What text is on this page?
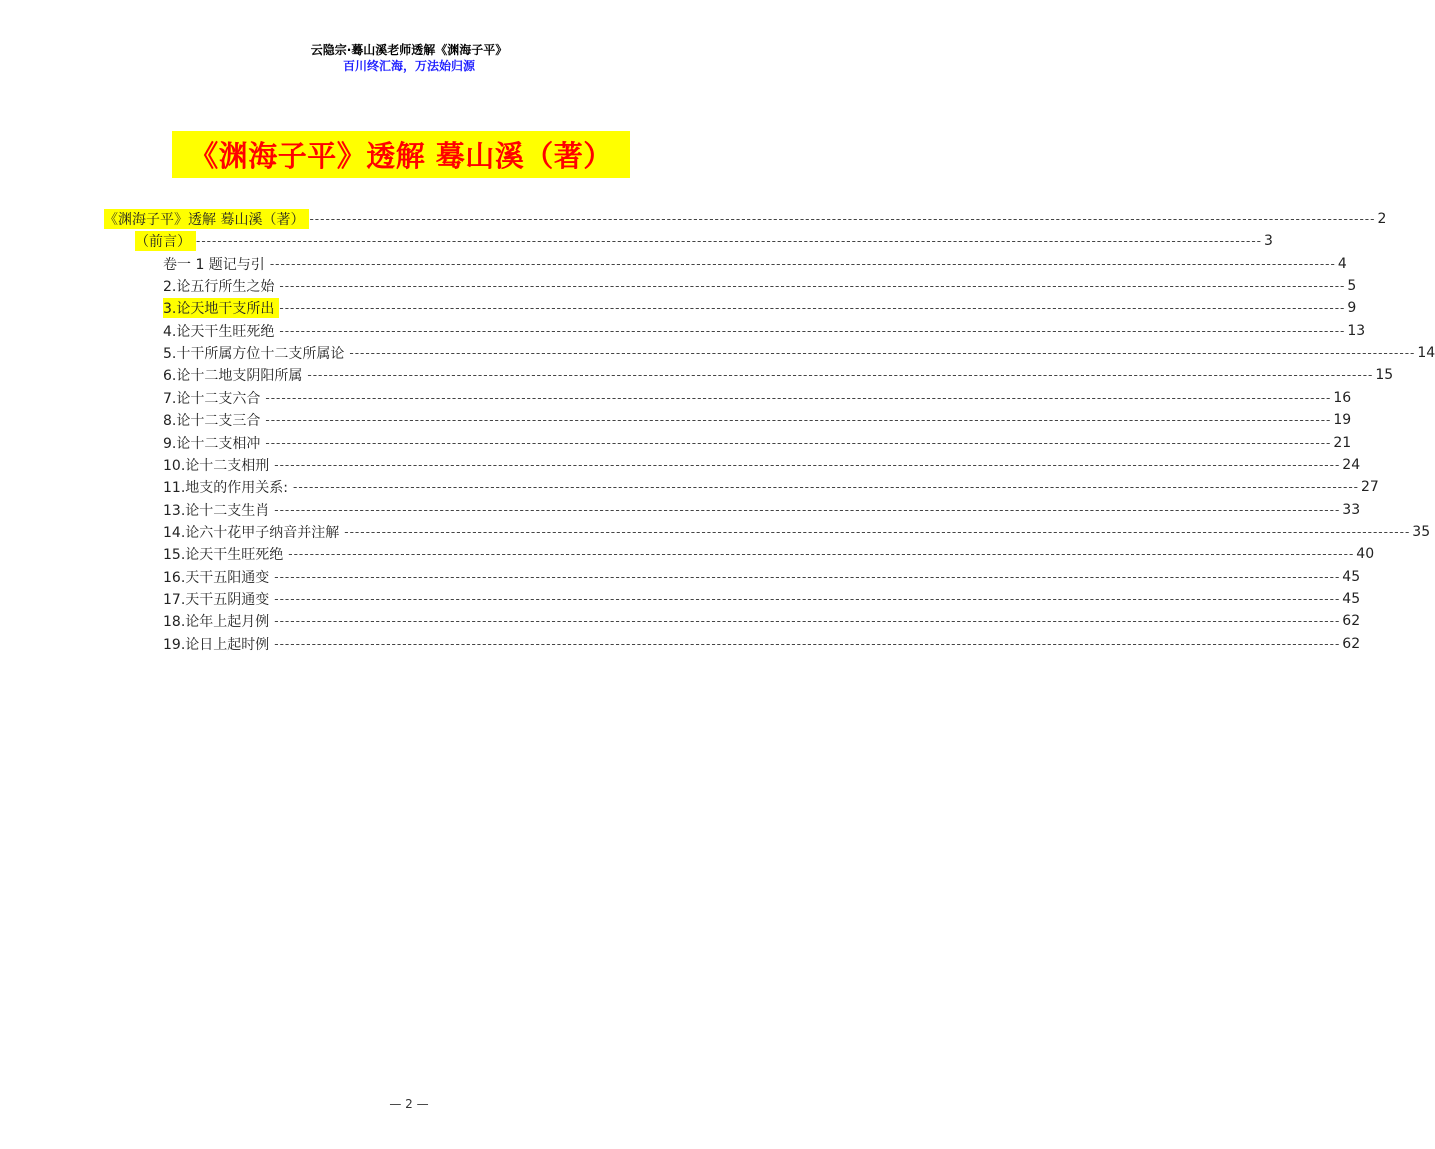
云隐宗·蓦山溪老师透解《渊海子平》
百川终汇海，万法始归源
《渊海子平》透解 蓦山溪（著）
《渊海子平》透解 蓦山溪（著） -------------------------------------------------------------------------------------------------------------------------------------------------------------------------------------------------------- 2
（前言） -------------------------------------------------------------------------------------------------------------------------------------------------------------------------------------------------------- 3
卷一 1 题记与引 -------------------------------------------------------------------------------------------------------------------------------------------------------------------------------------------------------- 4
2.论五行所生之始 -------------------------------------------------------------------------------------------------------------------------------------------------------------------------------------------------------- 5
3.论天地干支所出 -------------------------------------------------------------------------------------------------------------------------------------------------------------------------------------------------------- 9
4.论天干生旺死绝 -------------------------------------------------------------------------------------------------------------------------------------------------------------------------------------------------------- 13
5.十干所属方位十二支所属论 -------------------------------------------------------------------------------------------------------------------------------------------------------------------------------------------------------- 14
6.论十二地支阴阳所属 -------------------------------------------------------------------------------------------------------------------------------------------------------------------------------------------------------- 15
7.论十二支六合 -------------------------------------------------------------------------------------------------------------------------------------------------------------------------------------------------------- 16
8.论十二支三合 -------------------------------------------------------------------------------------------------------------------------------------------------------------------------------------------------------- 19
9.论十二支相冲 -------------------------------------------------------------------------------------------------------------------------------------------------------------------------------------------------------- 21
10.论十二支相刑 -------------------------------------------------------------------------------------------------------------------------------------------------------------------------------------------------------- 24
11.地支的作用关系: -------------------------------------------------------------------------------------------------------------------------------------------------------------------------------------------------------- 27
13.论十二支生肖 -------------------------------------------------------------------------------------------------------------------------------------------------------------------------------------------------------- 33
14.论六十花甲子纳音并注解 -------------------------------------------------------------------------------------------------------------------------------------------------------------------------------------------------------- 35
15.论天干生旺死绝 -------------------------------------------------------------------------------------------------------------------------------------------------------------------------------------------------------- 40
16.天干五阳通变 -------------------------------------------------------------------------------------------------------------------------------------------------------------------------------------------------------- 45
17.天干五阴通变 -------------------------------------------------------------------------------------------------------------------------------------------------------------------------------------------------------- 45
18.论年上起月例 -------------------------------------------------------------------------------------------------------------------------------------------------------------------------------------------------------- 62
19.论日上起时例 -------------------------------------------------------------------------------------------------------------------------------------------------------------------------------------------------------- 62
— 2 —
